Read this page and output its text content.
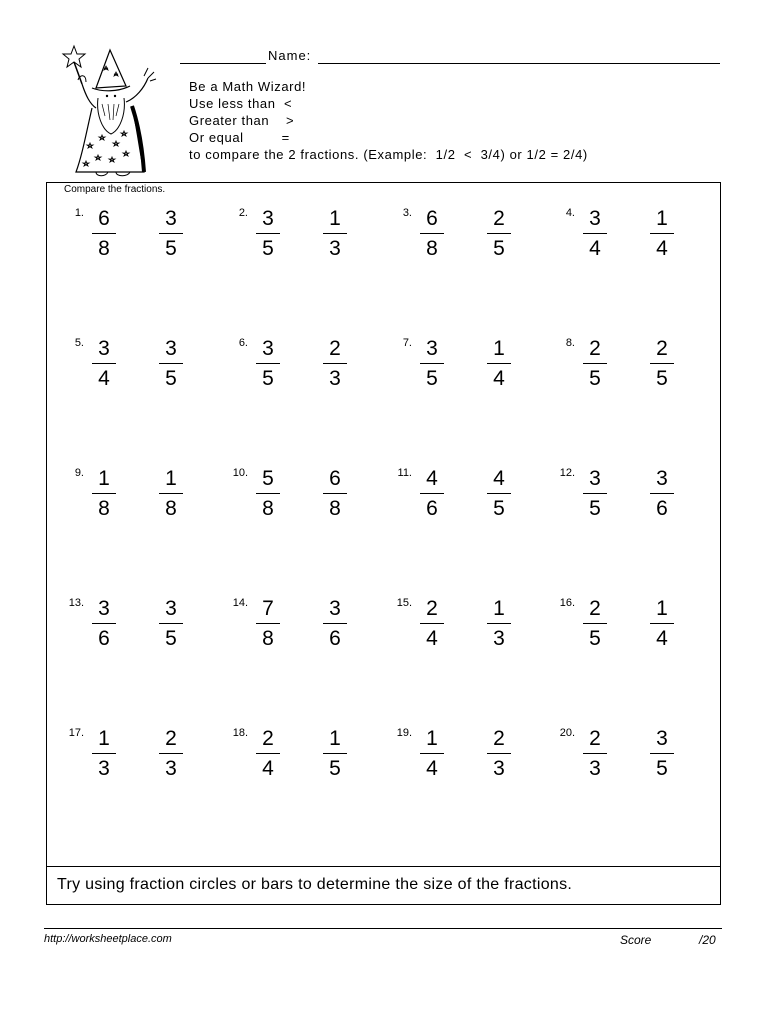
Name:
Be a Math Wizard!
Use less than  <
Greater than    >
Or equal         =
to compare the 2 fractions. (Example:  1/2  <  3/4) or 1/2 = 2/4)
Compare the fractions.
1. 6
8
3
5
2. 3
5
1
3
3. 6
8
2
5
4. 3
4
1
4
5. 3
4
3
5
6. 3
5
2
3
7. 3
5
1
4
8. 2
5
2
5
9. 1
8
1
8
10. 5
8
6
8
11. 4
6
4
5
12. 3
5
3
6
13. 3
6
3
5
14. 7
8
3
6
15. 2
4
1
3
16. 2
5
1
4
17. 1
3
2
3
18. 2
4
1
5
19. 1
4
2
3
20. 2
3
3
5
Try using fraction circles or bars to determine the size of the fractions.
http://worksheetplace.com	Score	/20
